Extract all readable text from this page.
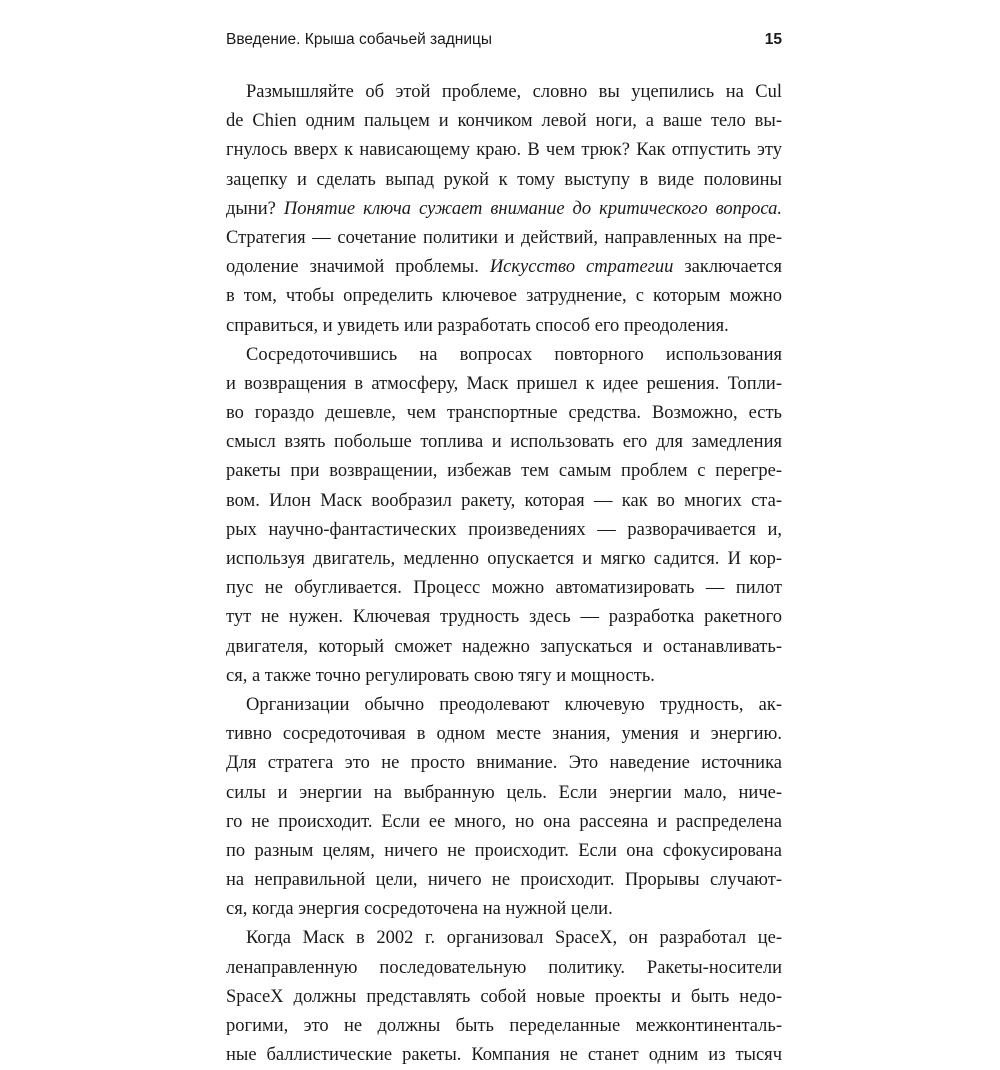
Введение. Крыша собачьей задницы	15
Размышляйте об этой проблеме, словно вы уцепились на Cul
de Chien одним пальцем и кончиком левой ноги, а ваше тело вы-
гнулось вверх к нависающему краю. В чем трюк? Как отпустить эту
зацепку и сделать выпад рукой к тому выступу в виде половины
дыни? Понятие ключа сужает внимание до критического вопроса.
Стратегия — сочетание политики и действий, направленных на пре-
одоление значимой проблемы. Искусство стратегии заключается
в том, чтобы определить ключевое затруднение, с которым можно
справиться, и увидеть или разработать способ его преодоления.
Сосредоточившись на вопросах повторного использования
и возвращения в атмосферу, Маск пришел к идее решения. Топли-
во гораздо дешевле, чем транспортные средства. Возможно, есть
смысл взять побольше топлива и использовать его для замедления
ракеты при возвращении, избежав тем самым проблем с перегре-
вом. Илон Маск вообразил ракету, которая — как во многих ста-
рых научно-фантастических произведениях — разворачивается и,
используя двигатель, медленно опускается и мягко садится. И кор-
пус не обугливается. Процесс можно автоматизировать — пилот
тут не нужен. Ключевая трудность здесь — разработка ракетного
двигателя, который сможет надежно запускаться и останавливать-
ся, а также точно регулировать свою тягу и мощность.
Организации обычно преодолевают ключевую трудность, ак-
тивно сосредоточивая в одном месте знания, умения и энергию.
Для стратега это не просто внимание. Это наведение источника
силы и энергии на выбранную цель. Если энергии мало, ниче-
го не происходит. Если ее много, но она рассеяна и распределена
по разным целям, ничего не происходит. Если она сфокусирована
на неправильной цели, ничего не происходит. Прорывы случают-
ся, когда энергия сосредоточена на нужной цели.
Когда Маск в 2002 г. организовал SpaceX, он разработал це-
ленаправленную последовательную политику. Ракеты-носители
SpaceX должны представлять собой новые проекты и быть недо-
рогими, это не должны быть переделанные межконтиненталь-
ные баллистические ракеты. Компания не станет одним из тысяч
